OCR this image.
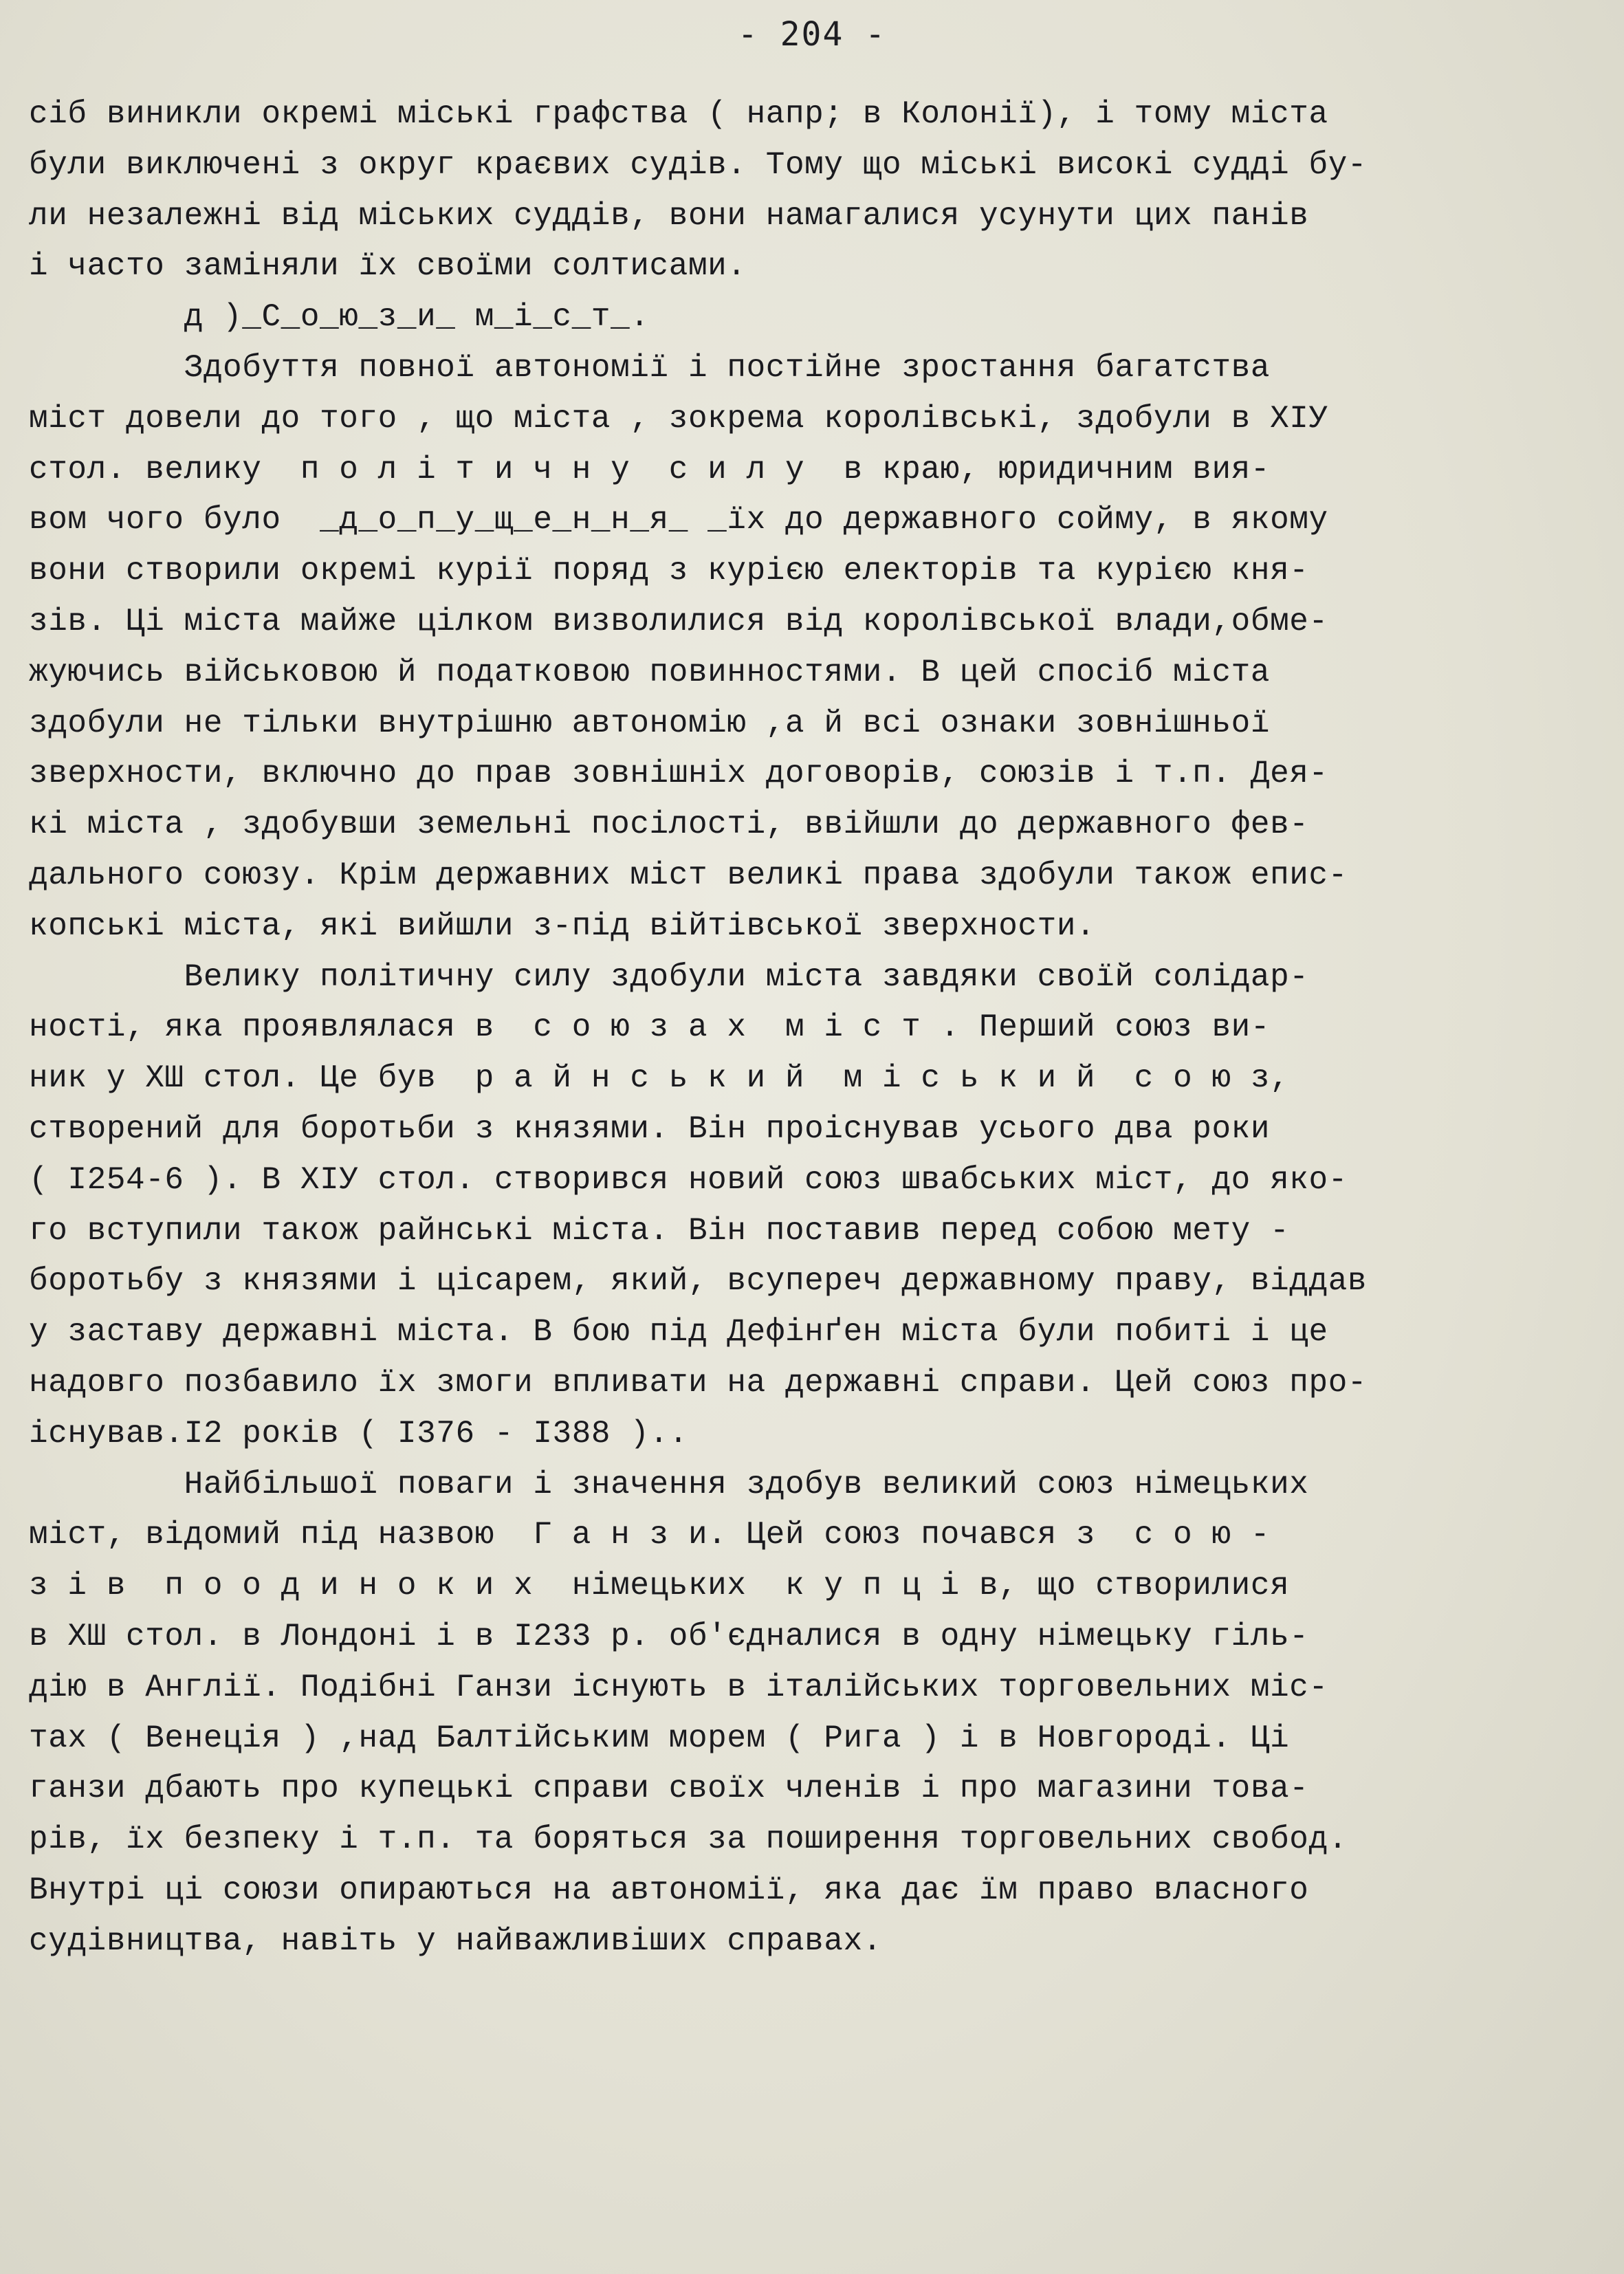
- 204 -
сіб виникли окремі міські графства ( напр; в Колонії), і тому міста
були виключені з округ краєвих судів. Тому що міські високі судді бу-
ли незалежні від міських суддів, вони намагалися усунути цих панів
і часто заміняли їх своїми солтисами.
д )_С_о_ю_з_и_ м_і_с_т_.
Здобуття повної автономії і постійне зростання багатства
міст довели до того , що міста , зокрема королівські, здобули в XIУ
стол. велику  п о л і т и ч н у  с и л у  в краю, юридичним вия-
вом чого було  _д_о_п_у_щ_е_н_н_я_ _їх до державного сойму, в якому
вони створили окремі курії поряд з курією електорів та курією кня-
зів. Ці міста майже цілком визволилися від королівської влади,обме-
жуючись військовою й податковою повинностями. В цей спосіб міста
здобули не тільки внутрішню автономію ,а й всі ознаки зовнішньої
зверхности, включно до прав зовнішніх договорів, союзів і т.п. Дея-
кі міста , здобувши земельні посілості, ввійшли до державного фев-
дального союзу. Крім державних міст великі права здобули також епис-
копські міста, які вийшли з-під війтівської зверхности.
Велику політичну силу здобули міста завдяки своїй солідар-
ності, яка проявлялася в  с о ю з а х  м і с т . Перший союз ви-
ник у ХШ стол. Це був  р а й н с ь к и й  м і с ь к и й  с о ю з,
створений для боротьби з князями. Він проіснував усього два роки
( I254-6 ). В XIУ стол. створився новий союз швабських міст, до яко-
го вступили також райнські міста. Він поставив перед собою мету -
боротьбу з князями і цісарем, який, всупереч державному праву, віддав
у заставу державні міста. В бою під Дефінґен міста були побиті і це
надовго позбавило їх змоги впливати на державні справи. Цей союз про-
існував.I2 років ( I376 - I388 )..
Найбільшої поваги і значення здобув великий союз німецьких
міст, відомий під назвою  Г а н з и. Цей союз почався з  с о ю -
з і в  п о о д и н о к и х  німецьких  к у п ц і в, що створилися
в ХШ стол. в Лондоні і в I233 р. об'єдналися в одну німецьку гіль-
дію в Англії. Подібні Ганзи існують в італійських торговельних міс-
тах ( Венеція ) ,над Балтійським морем ( Рига ) і в Новгороді. Ці
ганзи дбають про купецькі справи своїх членів і про магазини това-
рів, їх безпеку і т.п. та боряться за поширення торговельних свобод.
Внутрі ці союзи опираються на автономії, яка дає їм право власного
судівництва, навіть у найважливіших справах.
